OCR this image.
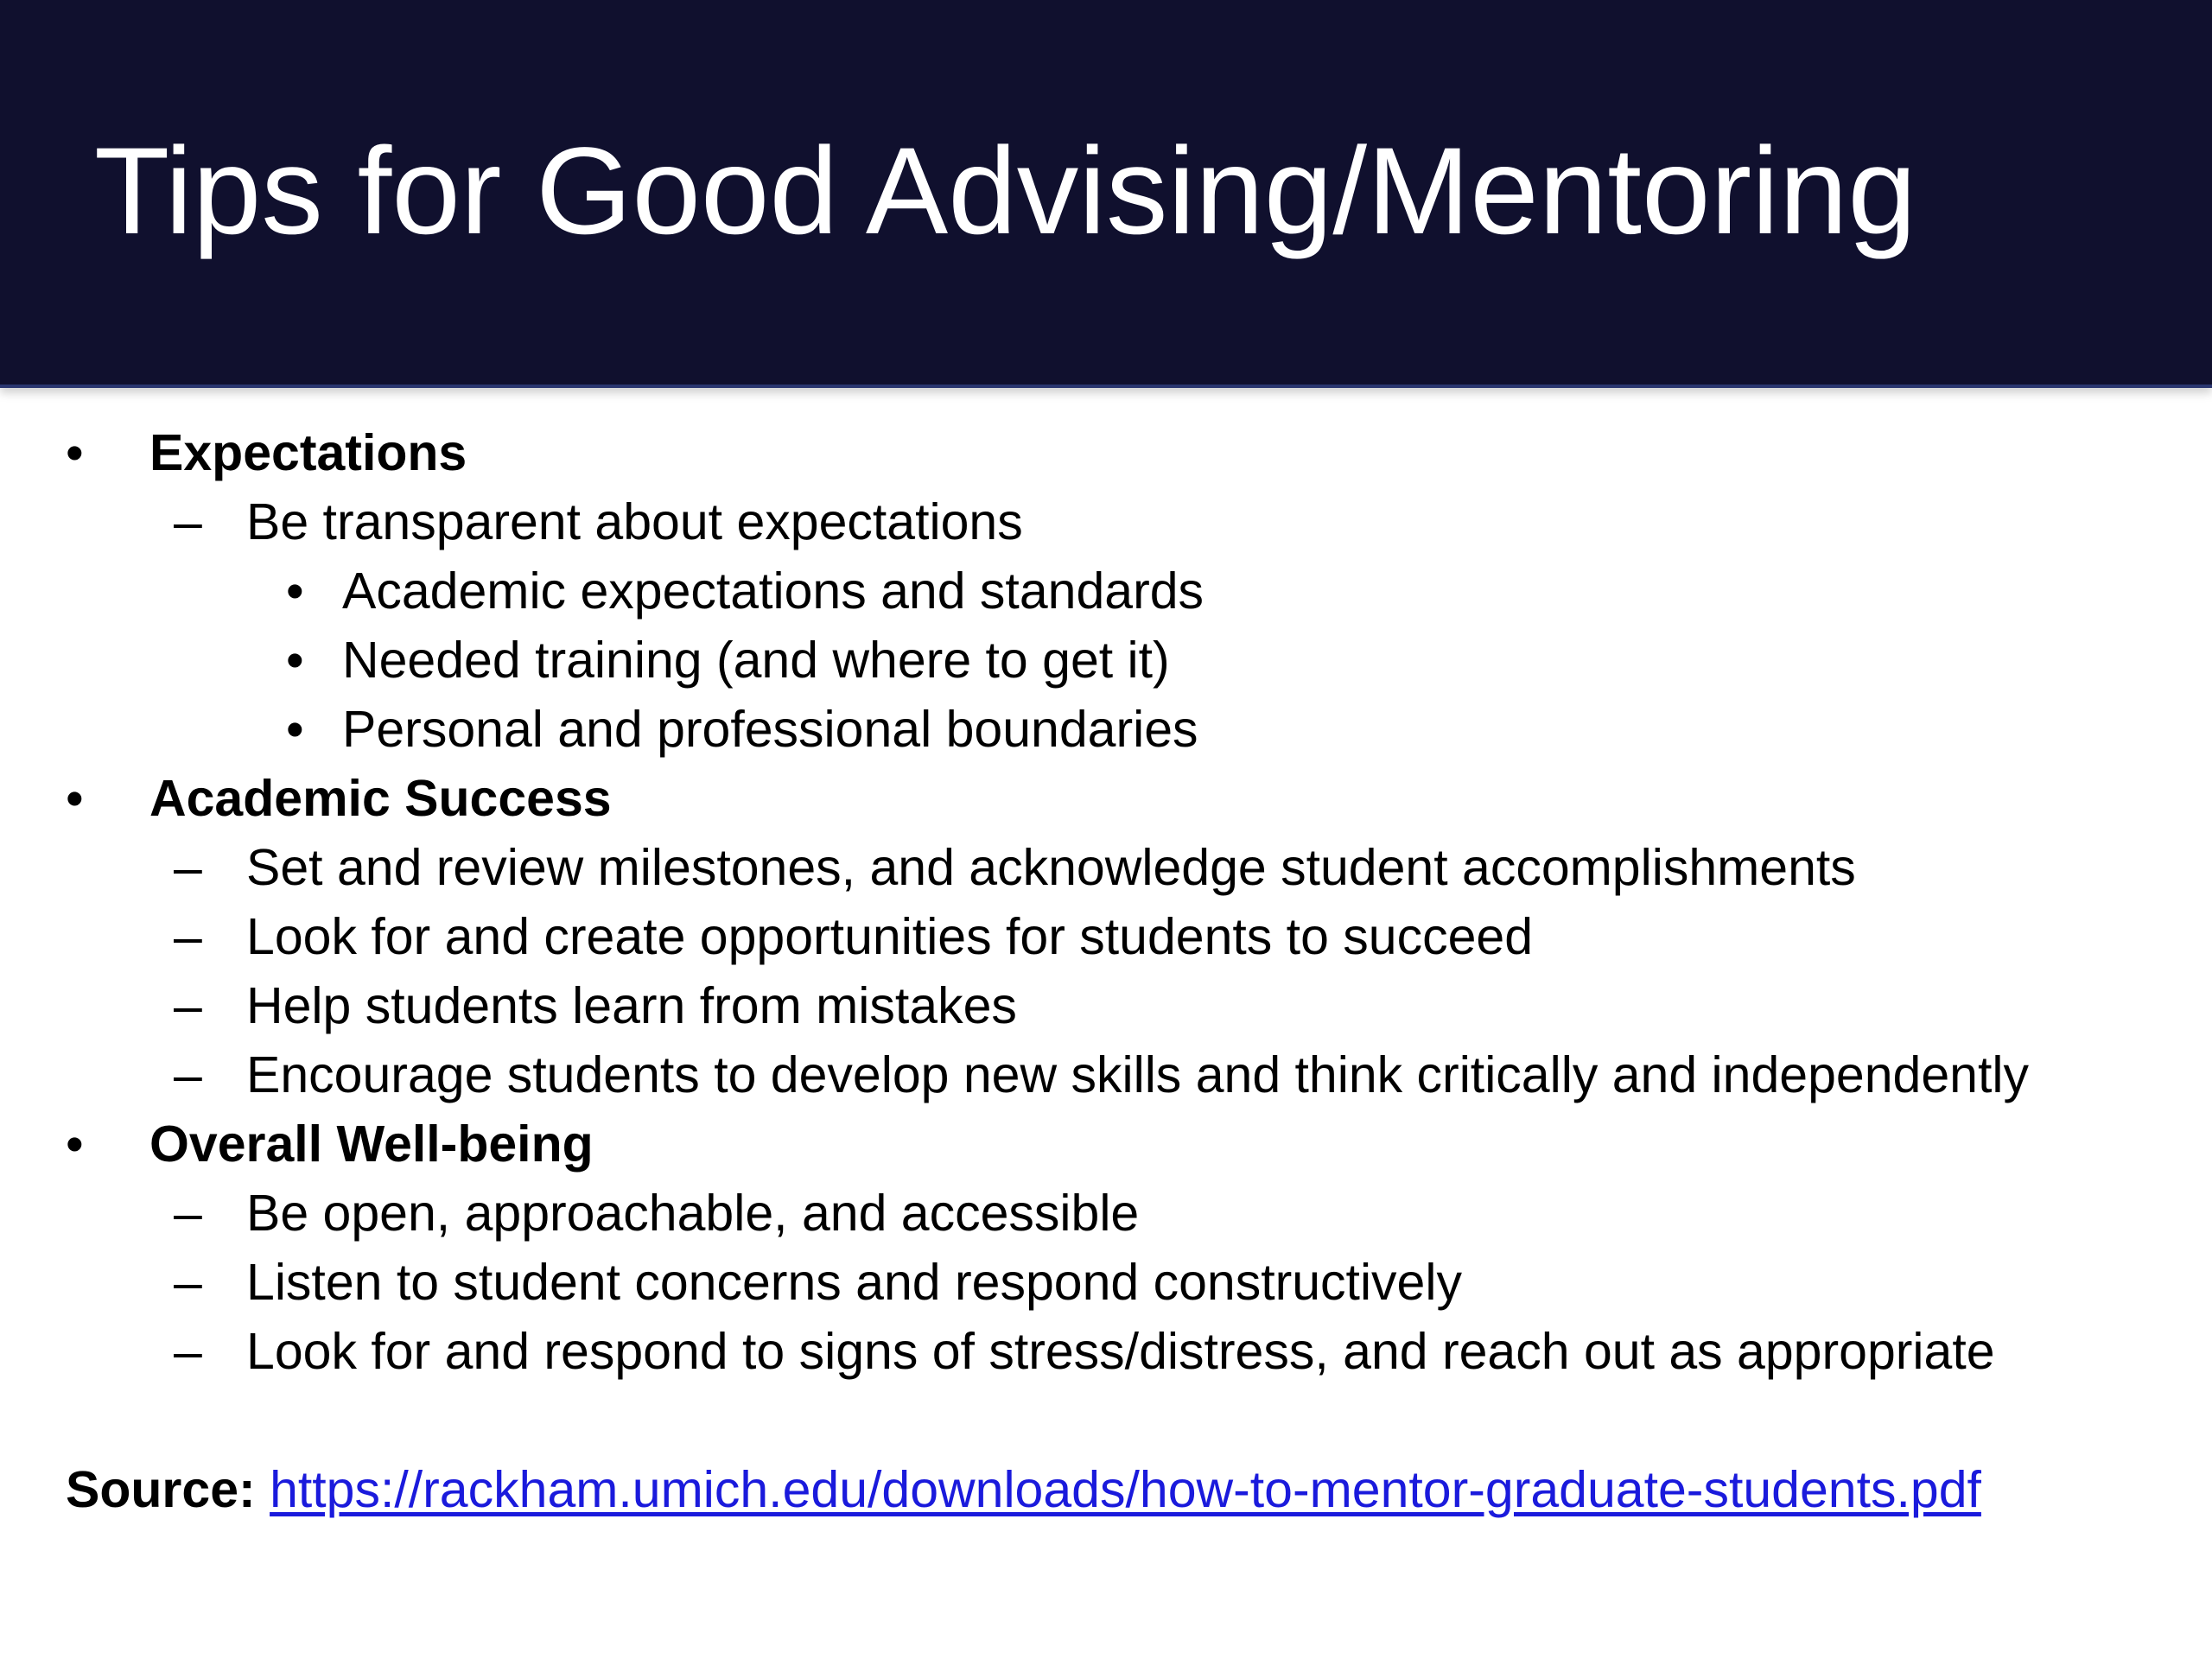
Tips for Good Advising/Mentoring
• Expectations
– Be transparent about expectations
• Academic expectations and standards
• Needed training (and where to get it)
• Personal and professional boundaries
• Academic Success
– Set and review milestones, and acknowledge student accomplishments
– Look for and create opportunities for students to succeed
– Help students learn from mistakes
– Encourage students to develop new skills and think critically and independently
• Overall Well-being
– Be open, approachable, and accessible
– Listen to student concerns and respond constructively
– Look for and respond to signs of stress/distress, and reach out as appropriate
Source: https://rackham.umich.edu/downloads/how-to-mentor-graduate-students.pdf
